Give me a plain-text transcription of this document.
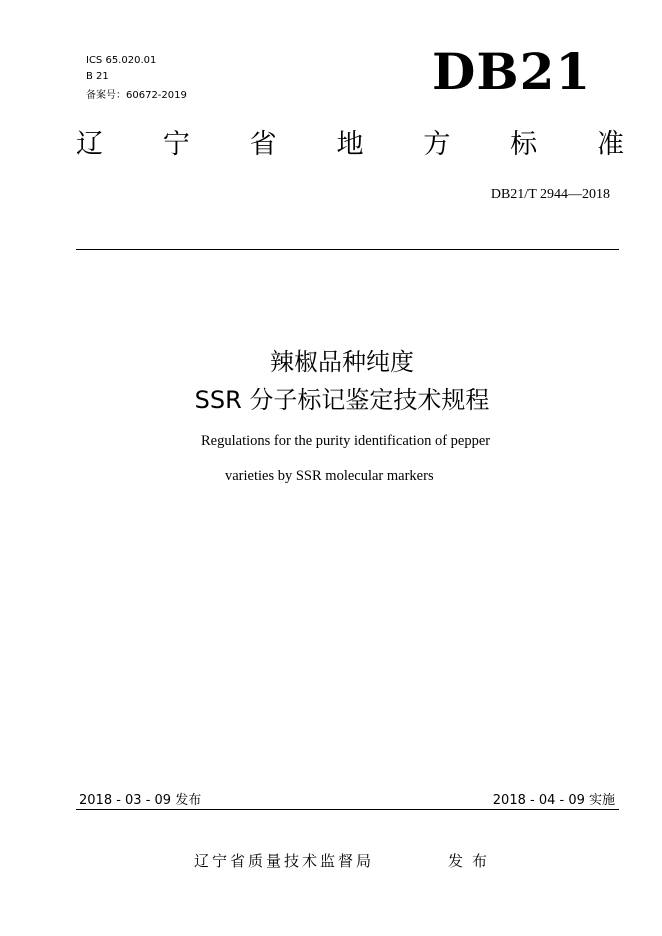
ICS 65.020.01
B 21
备案号：60672-2019	DB21
辽 宁 省 地 方 标 准
DB21/T 2944—2018
辣椒品种纯度
SSR 分子标记鉴定技术规程
Regulations for the purity identification of pepper
varieties by SSR molecular markers
2018 - 03 - 09 发布	2018 - 04 - 09 实施
辽宁省质量技术监督局	发布
